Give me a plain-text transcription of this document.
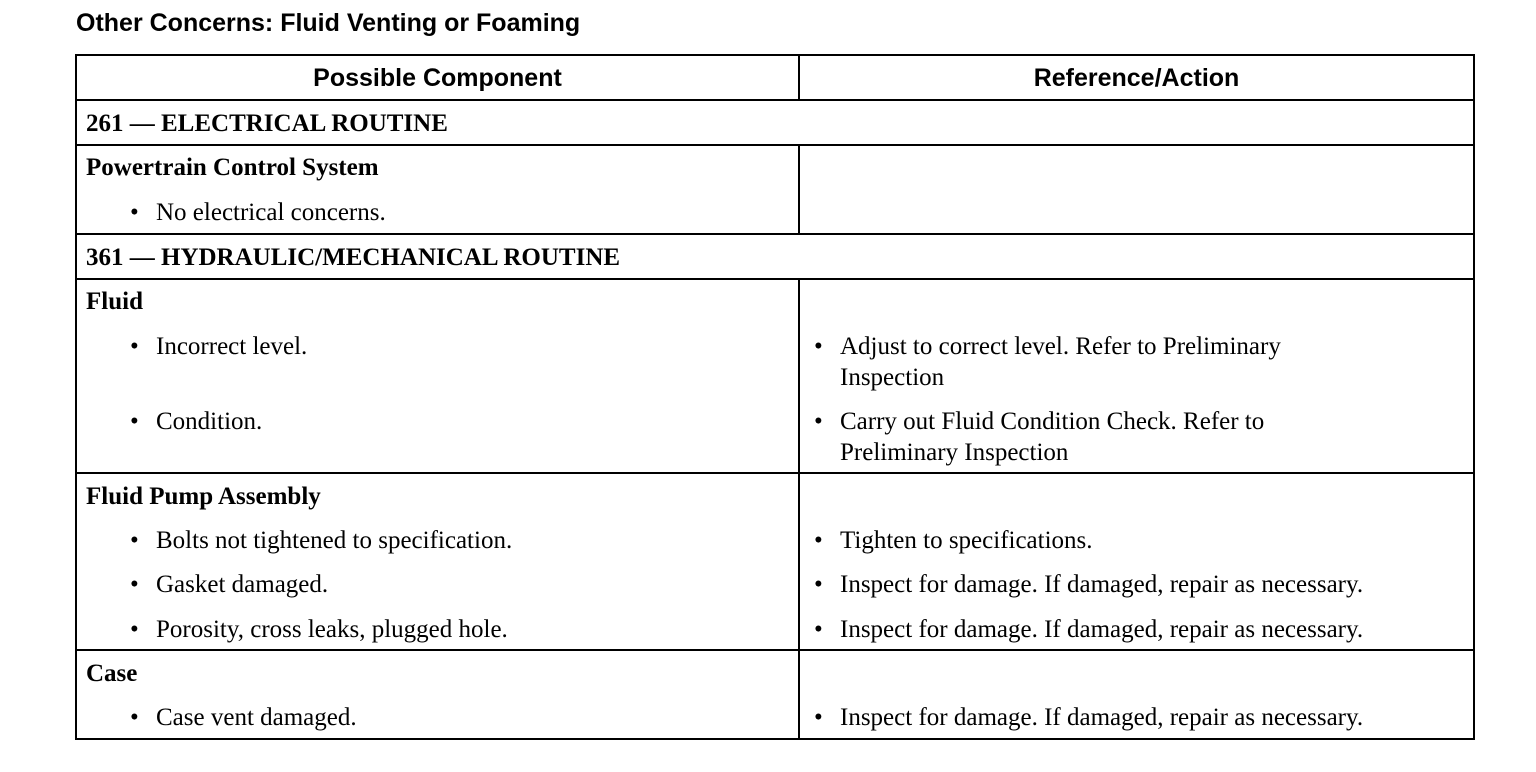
Other Concerns: Fluid Venting or Foaming
Possible Component	Reference/Action
261 — ELECTRICAL ROUTINE
Powertrain Control System
• No electrical concerns.
361 — HYDRAULIC/MECHANICAL ROUTINE
Fluid
• Incorrect level.	• Adjust to correct level. Refer to Preliminary Inspection
• Condition.	• Carry out Fluid Condition Check. Refer to Preliminary Inspection
Fluid Pump Assembly
• Bolts not tightened to specification.	• Tighten to specifications.
• Gasket damaged.	• Inspect for damage. If damaged, repair as necessary.
• Porosity, cross leaks, plugged hole.	• Inspect for damage. If damaged, repair as necessary.
Case
• Case vent damaged.	• Inspect for damage. If damaged, repair as necessary.
